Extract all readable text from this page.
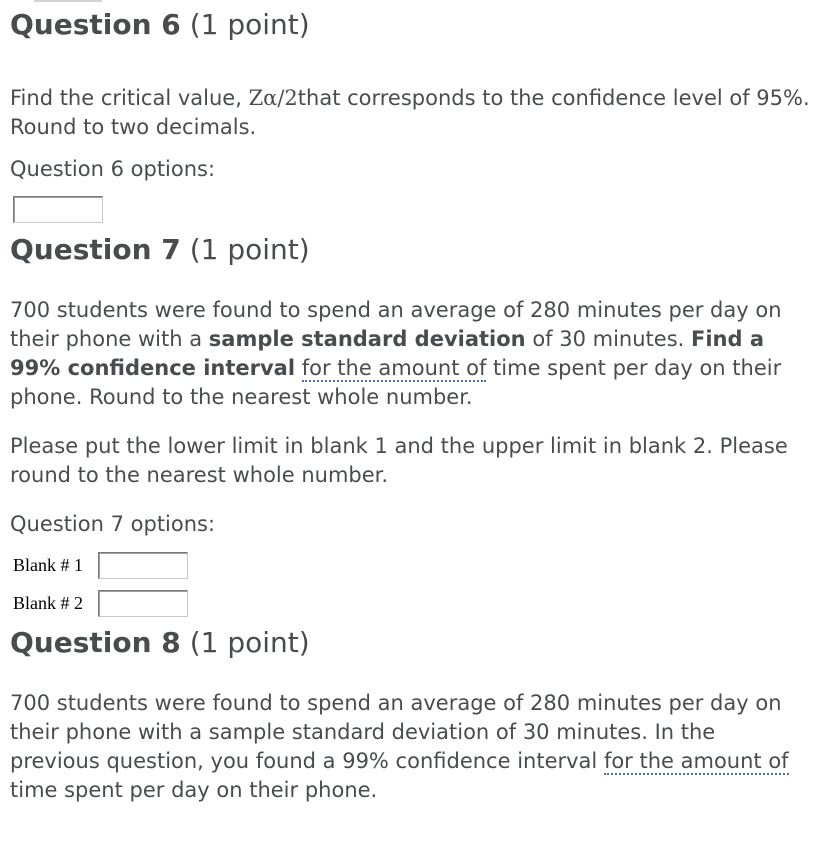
Question 6 (1 point)
Find the critical value, Zα/2that corresponds to the confidence level of 95%. Round to two decimals.
Question 6 options:
Question 7 (1 point)
700 students were found to spend an average of 280 minutes per day on their phone with a sample standard deviation of 30 minutes. Find a 99% confidence interval for the amount of time spent per day on their phone. Round to the nearest whole number.
Please put the lower limit in blank 1 and the upper limit in blank 2. Please round to the nearest whole number.
Question 7 options:
Blank # 1
Blank # 2
Question 8 (1 point)
700 students were found to spend an average of 280 minutes per day on their phone with a sample standard deviation of 30 minutes. In the previous question, you found a 99% confidence interval for the amount of time spent per day on their phone.
